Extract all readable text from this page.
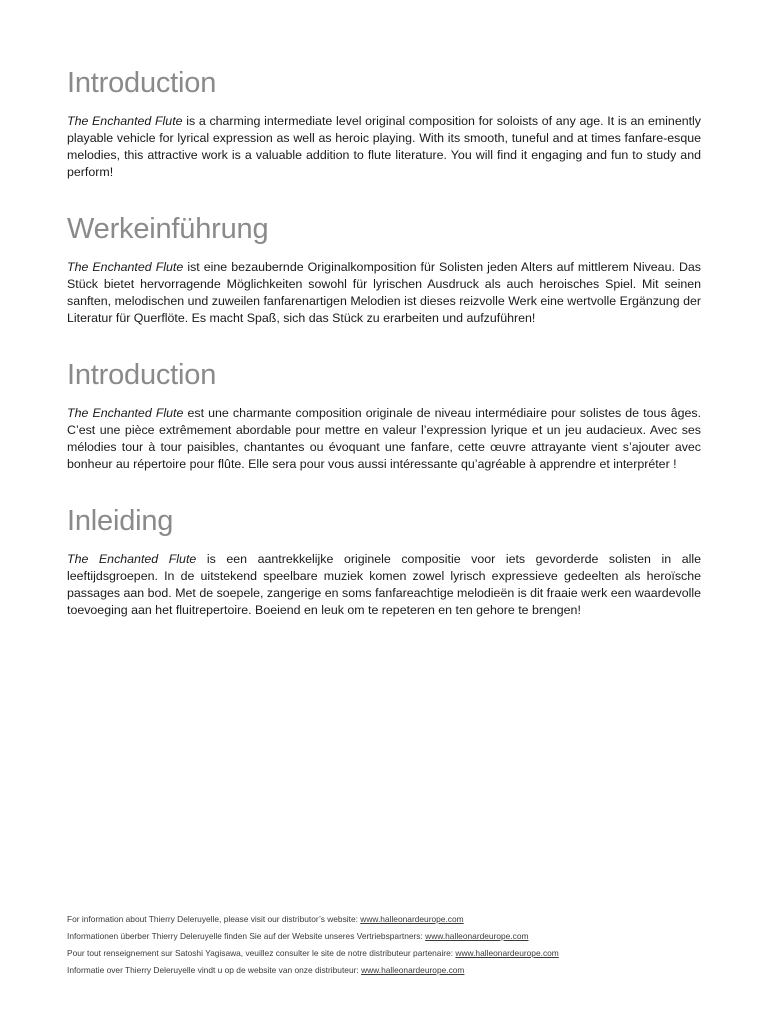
Introduction

The Enchanted Flute is a charming intermediate level original composition for soloists of any age. It is an eminently playable vehicle for lyrical expression as well as heroic playing. With its smooth, tuneful and at times fanfare-esque melodies, this attractive work is a valuable addition to flute literature. You will find it engaging and fun to study and perform!

Werkeinführung

The Enchanted Flute ist eine bezaubernde Originalkomposition für Solisten jeden Alters auf mittlerem Niveau. Das Stück bietet hervorragende Möglichkeiten sowohl für lyrischen Ausdruck als auch heroisches Spiel. Mit seinen sanften, melodischen und zuweilen fanfarenartigen Melodien ist dieses reizvolle Werk eine wertvolle Ergänzung der Literatur für Querflöte. Es macht Spaß, sich das Stück zu erarbeiten und aufzuführen!

Introduction

The Enchanted Flute est une charmante composition originale de niveau intermédiaire pour solistes de tous âges. C’est une pièce extrêmement abordable pour mettre en valeur l’expression lyrique et un jeu audacieux. Avec ses mélodies tour à tour paisibles, chantantes ou évoquant une fanfare, cette œuvre attrayante vient s’ajouter avec bonheur au répertoire pour flûte. Elle sera pour vous aussi intéressante qu’agréable à apprendre et interpréter !

Inleiding

The Enchanted Flute is een aantrekkelijke originele compositie voor iets gevorderde solisten in alle leeftijdsgroepen. In de uitstekend speelbare muziek komen zowel lyrisch expressieve gedeelten als heroïsche passages aan bod. Met de soepele, zangerige en soms fanfareachtige melodieën is dit fraaie werk een waardevolle toevoeging aan het fluitrepertoire. Boeiend en leuk om te repeteren en ten gehore te brengen!

For information about Thierry Deleruyelle, please visit our distributor’s website: www.halleonardeurope.com
Informationen überber Thierry Deleruyelle finden Sie auf der Website unseres Vertriebspartners: www.halleonardeurope.com
Pour tout renseignement sur Satoshi Yagisawa, veuillez consulter le site de notre distributeur partenaire: www.halleonardeurope.com
Informatie over Thierry Deleruyelle vindt u op de website van onze distributeur: www.halleonardeurope.com
